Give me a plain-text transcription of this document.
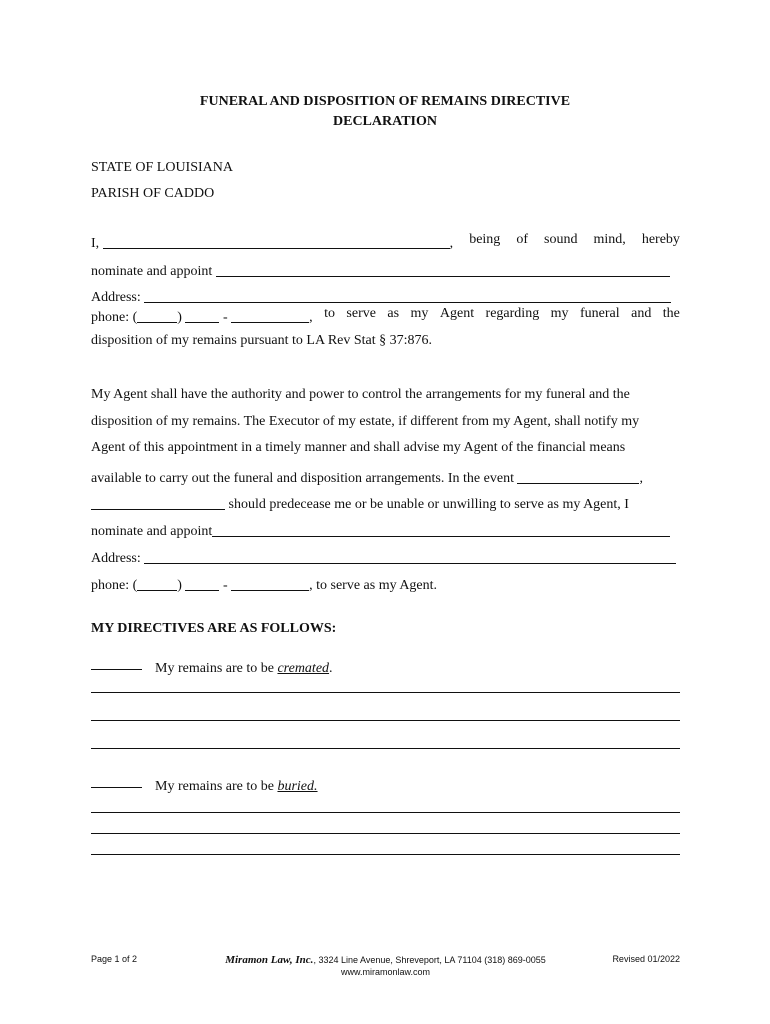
FUNERAL AND DISPOSITION OF REMAINS DIRECTIVE
DECLARATION
STATE OF LOUISIANA
PARISH OF CADDO
I,	, being of sound mind, hereby
nominate and appoint
Address:
phone: (	)	-	, to serve as my Agent regarding my funeral and the
disposition of my remains pursuant to LA Rev Stat § 37:876.
My Agent shall have the authority and power to control the arrangements for my funeral and the
disposition of my remains. The Executor of my estate, if different from my Agent, shall notify my
Agent of this appointment in a timely manner and shall advise my Agent of the financial means
available to carry out the funeral and disposition arrangements. In the event	,
should predecease me or be unable or unwilling to serve as my Agent, I
nominate and appoint
Address:
phone: (	)	-	, to serve as my Agent.
MY DIRECTIVES ARE AS FOLLOWS:
My remains are to be cremated.
My remains are to be buried.
Page 1 of 2	Miramon Law, Inc., 3324 Line Avenue, Shreveport, LA 71104 (318) 869-0055
www.miramonlaw.com
Revised 01/2022
